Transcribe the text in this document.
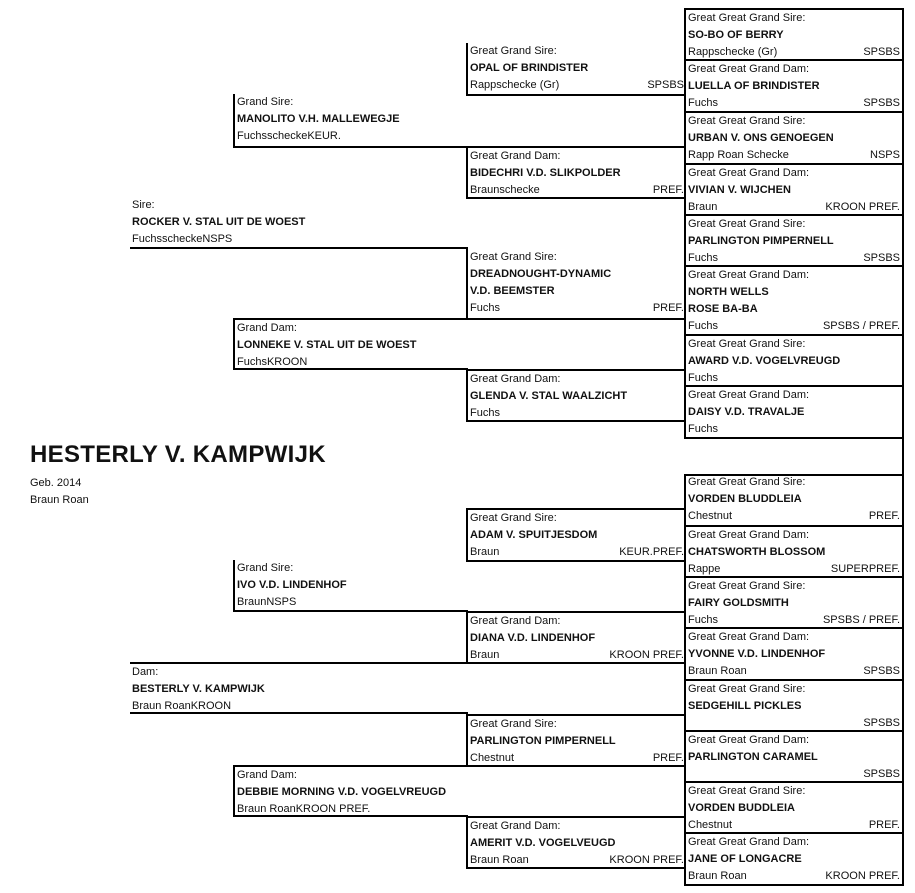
HESTERLY V. KAMPWIJK
Geb. 2014
Braun Roan
Sire:
ROCKER V. STAL UIT DE WOEST
FuchsscheckeNSPS
Dam:
BESTERLY V. KAMPWIJK
Braun RoanKROON
Grand Sire:
MANOLITO V.H. MALLEWEGJE
FuchsscheckeKEUR.
Grand Dam:
LONNEKE V. STAL UIT DE WOEST
FuchsKROON
Grand Sire:
IVO V.D. LINDENHOF
BraunNSPS
Grand Dam:
DEBBIE MORNING V.D. VOGELVREUGD
Braun RoanKROON PREF.
Great Grand Sire:
OPAL OF BRINDISTER
Rappschecke (Gr)	SPSBS
Great Grand Dam:
BIDECHRI V.D. SLIKPOLDER
Braunschecke	PREF.
Great Grand Sire:
DREADNOUGHT-DYNAMIC
V.D. BEEMSTER
Fuchs	PREF.
Great Grand Dam:
GLENDA V. STAL WAALZICHT
Fuchs
Great Grand Sire:
ADAM V. SPUITJESDOM
Braun	KEUR.PREF.
Great Grand Dam:
DIANA V.D. LINDENHOF
Braun	KROON PREF.
Great Grand Sire:
PARLINGTON PIMPERNELL
Chestnut	PREF.
Great Grand Dam:
AMERIT V.D. VOGELVEUGD
Braun Roan	KROON PREF.
Great Great Grand Sire:
SO-BO OF BERRY
Rappschecke (Gr)	SPSBS
Great Great Grand Dam:
LUELLA OF BRINDISTER
Fuchs	SPSBS
Great Great Grand Sire:
URBAN V. ONS GENOEGEN
Rapp Roan Schecke	NSPS
Great Great Grand Dam:
VIVIAN V. WIJCHEN
Braun	KROON PREF.
Great Great Grand Sire:
PARLINGTON PIMPERNELL
Fuchs	SPSBS
Great Great Grand Dam:
NORTH WELLS
ROSE BA-BA
Fuchs	SPSBS / PREF.
Great Great Grand Sire:
AWARD V.D. VOGELVREUGD
Fuchs
Great Great Grand Dam:
DAISY V.D. TRAVALJE
Fuchs
Great Great Grand Sire:
VORDEN BLUDDLEIA
Chestnut	PREF.
Great Great Grand Dam:
CHATSWORTH BLOSSOM
Rappe	SUPERPREF.
Great Great Grand Sire:
FAIRY GOLDSMITH
Fuchs	SPSBS / PREF.
Great Great Grand Dam:
YVONNE V.D. LINDENHOF
Braun Roan	SPSBS
Great Great Grand Sire:
SEDGEHILL PICKLES
SPSBS
Great Great Grand Dam:
PARLINGTON CARAMEL
SPSBS
Great Great Grand Sire:
VORDEN BUDDLEIA
Chestnut	PREF.
Great Great Grand Dam:
JANE OF LONGACRE
Braun Roan	KROON PREF.
